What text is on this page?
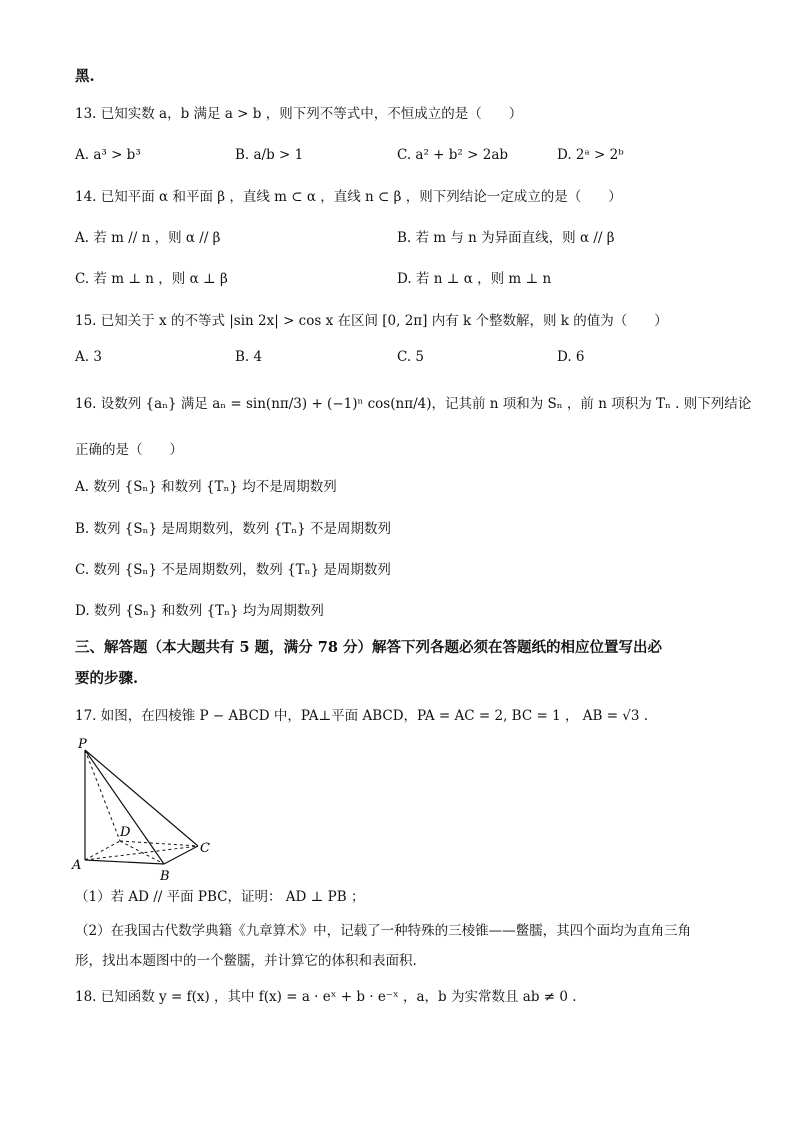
黑.
13. 已知实数 a，b 满足 a > b ，则下列不等式中，不恒成立的是（　　）
A. a³ > b³	B. a/b > 1	C. a² + b² > 2ab	D. 2ᵃ > 2ᵇ
14. 已知平面 α 和平面 β ，直线 m ⊂ α ，直线 n ⊂ β ，则下列结论一定成立的是（　　）
A. 若 m // n ，则 α // β	B. 若 m 与 n 为异面直线，则 α // β
C. 若 m ⊥ n ，则 α ⊥ β	D. 若 n ⊥ α ，则 m ⊥ n
15. 已知关于 x 的不等式 |sin 2x| > cos x 在区间 [0, 2π] 内有 k 个整数解，则 k 的值为（　　）
A. 3	B. 4	C. 5	D. 6
16. 设数列 {aₙ} 满足 aₙ = sin(nπ/3) + (−1)ⁿ cos(nπ/4)，记其前 n 项和为 Sₙ ，前 n 项积为 Tₙ . 则下列结论
正确的是（　　）
A. 数列 {Sₙ} 和数列 {Tₙ} 均不是周期数列
B. 数列 {Sₙ} 是周期数列，数列 {Tₙ} 不是周期数列
C. 数列 {Sₙ} 不是周期数列，数列 {Tₙ} 是周期数列
D. 数列 {Sₙ} 和数列 {Tₙ} 均为周期数列
三、解答题（本大题共有 5 题，满分 78 分）解答下列各题必须在答题纸的相应位置写出必
要的步骤.
17. 如图，在四棱锥 P − ABCD 中，PA⊥平面 ABCD，PA = AC = 2, BC = 1 ， AB = √3 .
P
A
B
C
D
（1）若 AD // 平面 PBC，证明： AD ⊥ PB ；
（2）在我国古代数学典籍《九章算术》中，记载了一种特殊的三棱锥——鳖臑，其四个面均为直角三角
形，找出本题图中的一个鳖臑，并计算它的体积和表面积.
18. 已知函数 y = f(x) ，其中 f(x) = a · eˣ + b · e⁻ˣ ，a，b 为实常数且 ab ≠ 0 .
